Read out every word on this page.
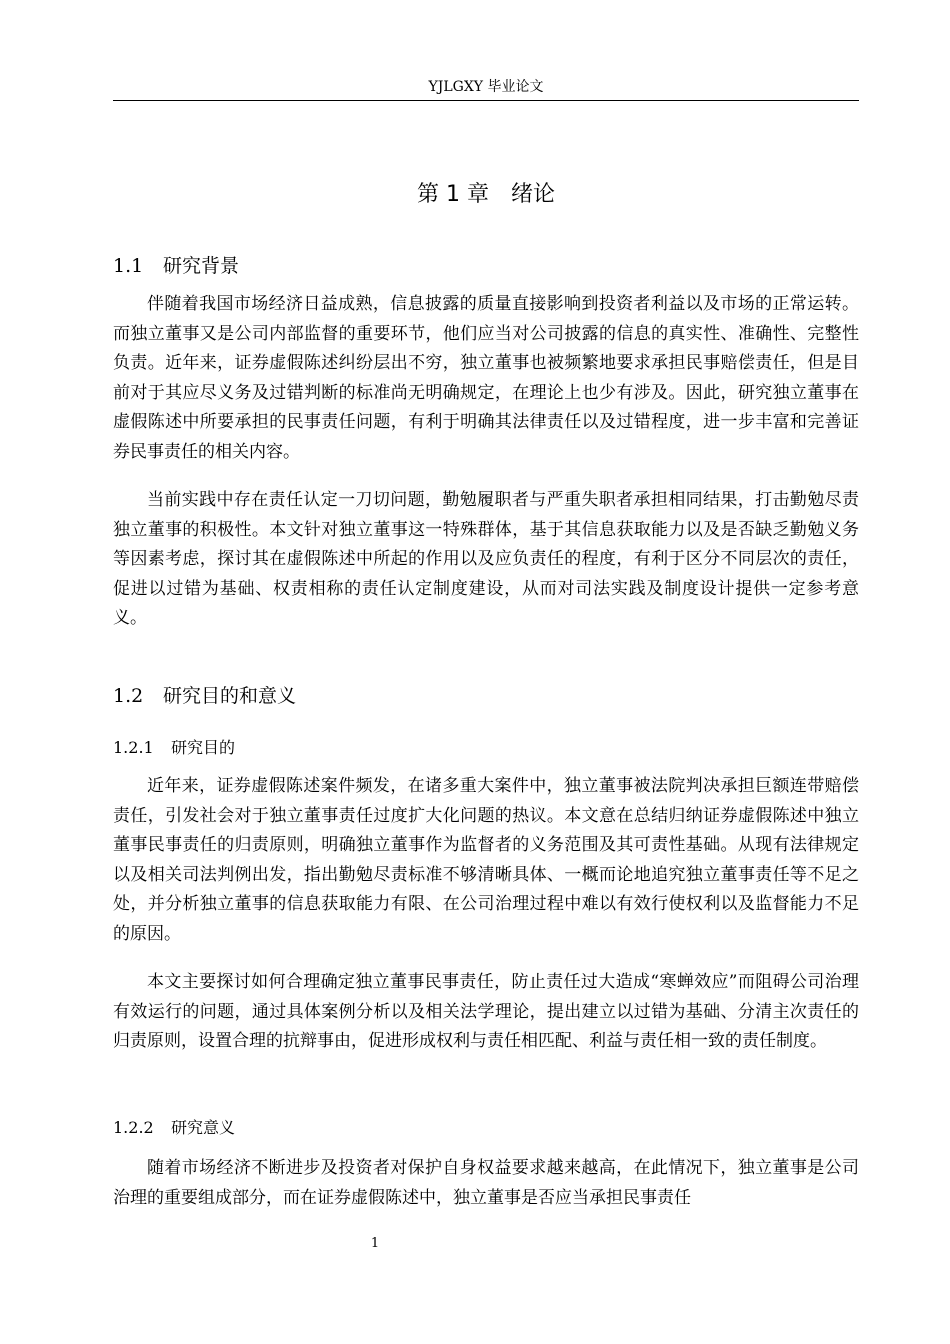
YJLGXY 毕业论文
第 1 章 绪论
1.1 研究背景

伴随着我国市场经济日益成熟，信息披露的质量直接影响到投资者利益以及市场的正常运转。而独立董事又是公司内部监督的重要环节，他们应当对公司披露的信息的真实性、准确性、完整性负责。近年来，证券虚假陈述纠纷层出不穷，独立董事也被频繁地要求承担民事赔偿责任，但是目前对于其应尽义务及过错判断的标准尚无明确规定，在理论上也少有涉及。因此，研究独立董事在虚假陈述中所要承担的民事责任问题，有利于明确其法律责任以及过错程度，进一步丰富和完善证券民事责任的相关内容。

当前实践中存在责任认定一刀切问题，勤勉履职者与严重失职者承担相同结果，打击勤勉尽责独立董事的积极性。本文针对独立董事这一特殊群体，基于其信息获取能力以及是否缺乏勤勉义务等因素考虑，探讨其在虚假陈述中所起的作用以及应负责任的程度，有利于区分不同层次的责任，促进以过错为基础、权责相称的责任认定制度建设，从而对司法实践及制度设计提供一定参考意义。

1.2 研究目的和意义
1.2.1 研究目的

近年来，证券虚假陈述案件频发，在诸多重大案件中，独立董事被法院判决承担巨额连带赔偿责任，引发社会对于独立董事责任过度扩大化问题的热议。本文意在总结归纳证券虚假陈述中独立董事民事责任的归责原则，明确独立董事作为监督者的义务范围及其可责性基础。从现有法律规定以及相关司法判例出发，指出勤勉尽责标准不够清晰具体、一概而论地追究独立董事责任等不足之处，并分析独立董事的信息获取能力有限、在公司治理过程中难以有效行使权利以及监督能力不足的原因。

本文主要探讨如何合理确定独立董事民事责任，防止责任过大造成“寒蝉效应”而阻碍公司治理有效运行的问题，通过具体案例分析以及相关法学理论，提出建立以过错为基础、分清主次责任的归责原则，设置合理的抗辩事由，促进形成权利与责任相匹配、利益与责任相一致的责任制度。

1.2.2 研究意义

随着市场经济不断进步及投资者对保护自身权益要求越来越高，在此情况下，独立董事是公司治理的重要组成部分，而在证券虚假陈述中，独立董事是否应当承担民事责任

1
